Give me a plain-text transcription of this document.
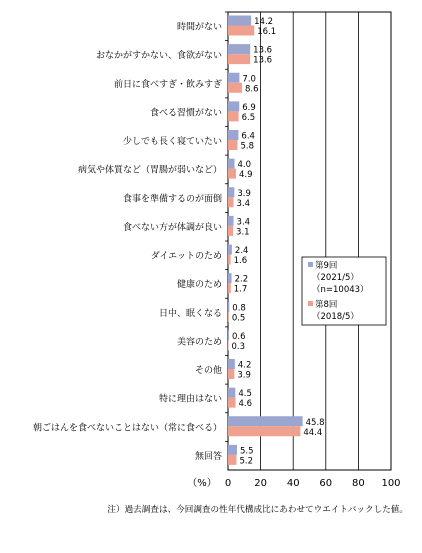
0 20 40 60 80 100
（%）
時間がない
14.2
16.1
おなかがすかない、食欲がない
13.6
13.6
前日に食べすぎ・飲みすぎ
7.0
8.6
食べる習慣がない
6.9
6.5
少しでも長く寝ていたい
6.4
5.8
病気や体質など（胃腸が弱いなど）
4.0
4.9
食事を準備するのが面倒
3.9
3.4
食べない方が体調が良い
3.4
3.1
ダイエットのため
2.4
1.6
健康のため
2.2
1.7
日中、眠くなる
0.8
0.5
美容のため
0.6
0.3
その他
4.2
3.9
特に理由はない
4.5
4.6
朝ごはんを食べないことはない（常に食べる）
45.8
44.4
無回答
5.5
5.2
第9回
（2021/5）
（n=10043）
第8回
（2018/5）
注）過去調査は、今回調査の性年代構成比にあわせてウエイトバックした値。
